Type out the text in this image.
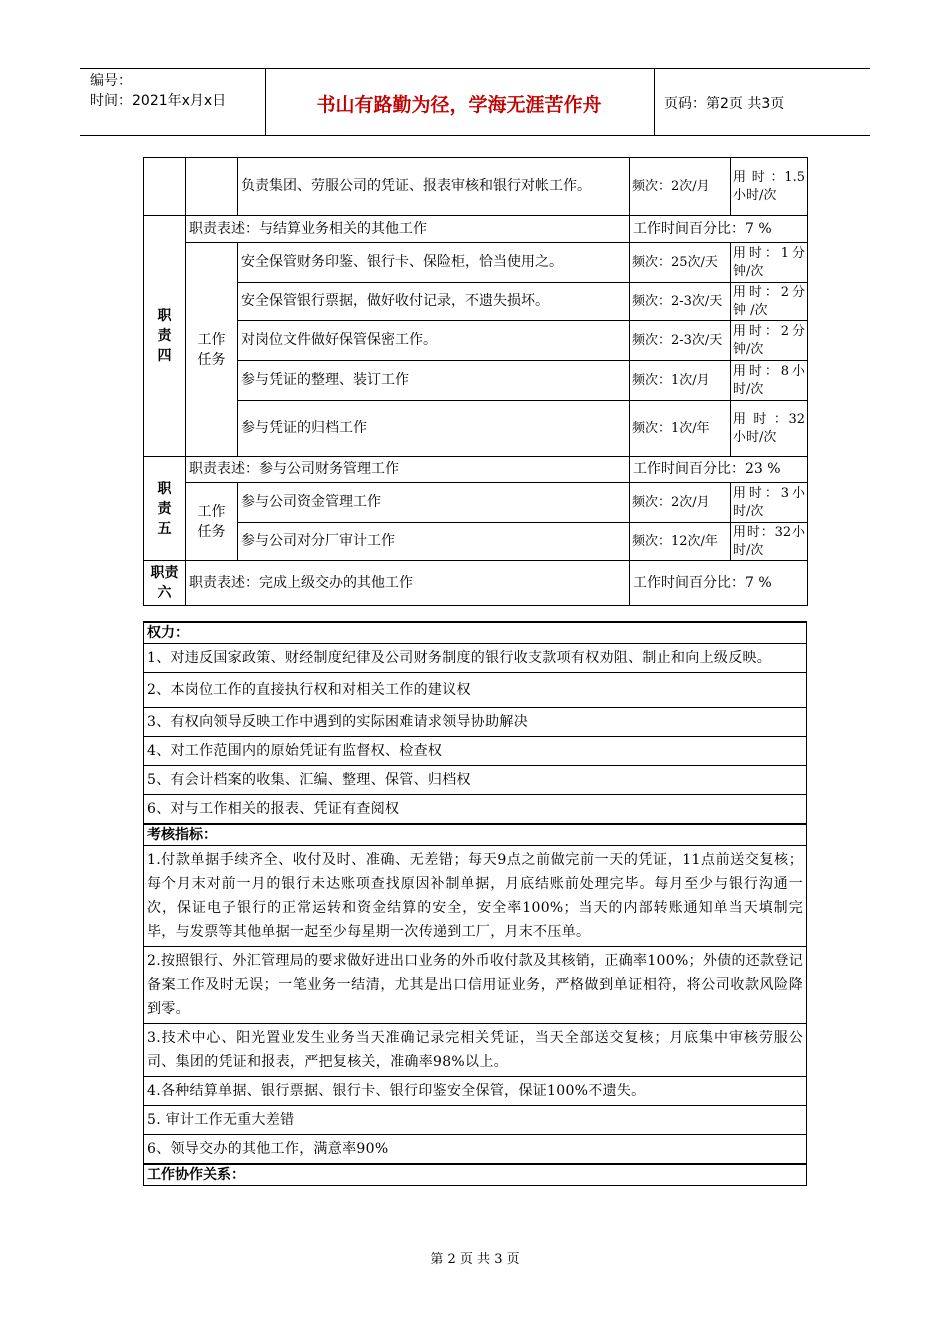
编号：
时间：2021年x月x日	书山有路勤为径，学海无涯苦作舟	页码：第2页 共3页
		负责集团、劳服公司的凭证、报表审核和银行对帐工作。	频次：2次/月	用 时 ：1.5小时/次

职责四	职责表述：与结算业务相关的其他工作		工作时间百分比：7 %	

	工作任务	安全保管财务印鉴、银行卡、保险柜，恰当使用之。	频次：25次/天	用时：1分钟/次
		安全保管银行票据，做好收付记录，不遗失损坏。	频次：2-3次/天	用时：2分钟 /次
		对岗位文件做好保管保密工作。	频次：2-3次/天	用时：2分钟/次
		参与凭证的整理、装订工作	频次：1次/月	用时：8小时/次
		参与凭证的归档工作	频次：1次/年	用 时 ：32小时/次

职责五	职责表述：参与公司财务管理工作		工作时间百分比：23 %	

	工作任务	参与公司资金管理工作	频次：2次/月	用时：3小时/次
		参与公司对分厂审计工作	频次：12次/年	用时：32小时/次

职责六	职责表述：完成上级交办的其他工作		工作时间百分比：7 %	
权力：
1、对违反国家政策、财经制度纪律及公司财务制度的银行收支款项有权劝阻、制止和向上级反映。
2、本岗位工作的直接执行权和对相关工作的建议权
3、有权向领导反映工作中遇到的实际困难请求领导协助解决
4、对工作范围内的原始凭证有监督权、检查权
5、有会计档案的收集、汇编、整理、保管、归档权
6、对与工作相关的报表、凭证有查阅权
考核指标：
1.付款单据手续齐全、收付及时、准确、无差错；每天9点之前做完前一天的凭证，11点前送交复核；每个月末对前一月的银行未达账项查找原因补制单据，月底结账前处理完毕。每月至少与银行沟通一次，保证电子银行的正常运转和资金结算的安全，安全率100%；当天的内部转账通知单当天填制完毕，与发票等其他单据一起至少每星期一次传递到工厂，月末不压单。
2.按照银行、外汇管理局的要求做好进出口业务的外币收付款及其核销，正确率100%；外债的还款登记备案工作及时无误；一笔业务一结清，尤其是出口信用证业务，严格做到单证相符，将公司收款风险降到零。
3.技术中心、阳光置业发生业务当天准确记录完相关凭证，当天全部送交复核；月底集中审核劳服公司、集团的凭证和报表，严把复核关，准确率98%以上。
4.各种结算单据、银行票据、银行卡、银行印鉴安全保管，保证100%不遗失。
5. 审计工作无重大差错
6、领导交办的其他工作，满意率90%
工作协作关系：
第 2 页 共 3 页
